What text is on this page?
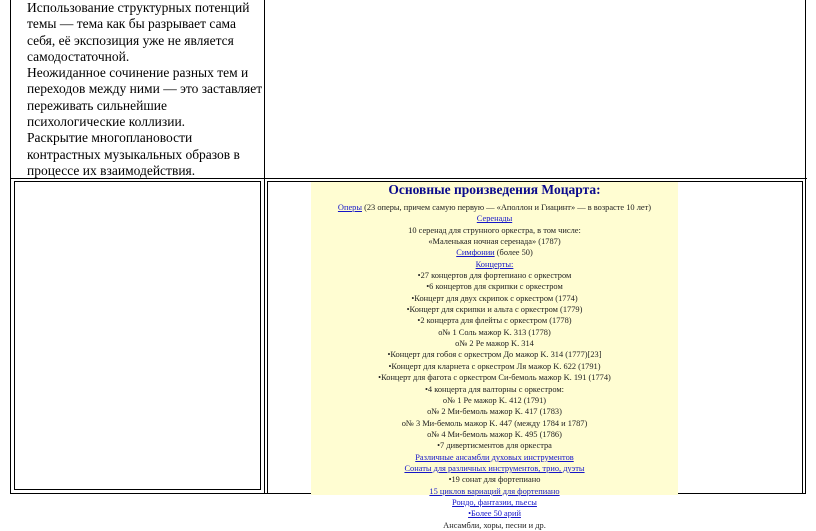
Использование структурных потенций темы — тема как бы разрывает сама себя, её экспозиция уже не является самодостаточной.

Неожиданное сочинение разных тем и переходов между ними — это заставляет переживать сильнейшие психологические коллизии.

Раскрытие многоплановости контрастных музыкальных образов в процессе их взаимодействия.

Основные произведения Моцарта:
Оперы (23 оперы, причем самую первую — «Аполлон и Гиацинт» — в возрасте 10 лет)
Серенады
10 серенад для струнного оркестра, в том числе:
«Маленькая ночная серенада» (1787)
Симфонии (более 50)
Концерты:
•27 концертов для фортепиано с оркестром
•6 концертов для скрипки с оркестром
•Концерт для двух скрипок с оркестром (1774)
•Концерт для скрипки и альта с оркестром (1779)
•2 концерта для флейты с оркестром (1778)
о№ 1 Соль мажор K. 313 (1778)
о№ 2 Ре мажор K. 314
•Концерт для гобоя с оркестром До мажор K. 314 (1777)[23]
•Концерт для кларнета с оркестром Ля мажор K. 622 (1791)
•Концерт для фагота с оркестром Си-бемоль мажор K. 191 (1774)
•4 концерта для валторны с оркестром:
о№ 1 Ре мажор K. 412 (1791)
о№ 2 Ми-бемоль мажор K. 417 (1783)
о№ 3 Ми-бемоль мажор K. 447 (между 1784 и 1787)
о№ 4 Ми-бемоль мажор K. 495 (1786)
•7 дивертисментов для оркестра
Различные ансамбли духовых инструментов
Сонаты для различных инструментов, трио, дуэты
•19 сонат для фортепиано
15 циклов вариаций для фортепиано
Рондо, фантазии, пьесы
•Более 50 арий
Ансамбли, хоры, песни и др.
